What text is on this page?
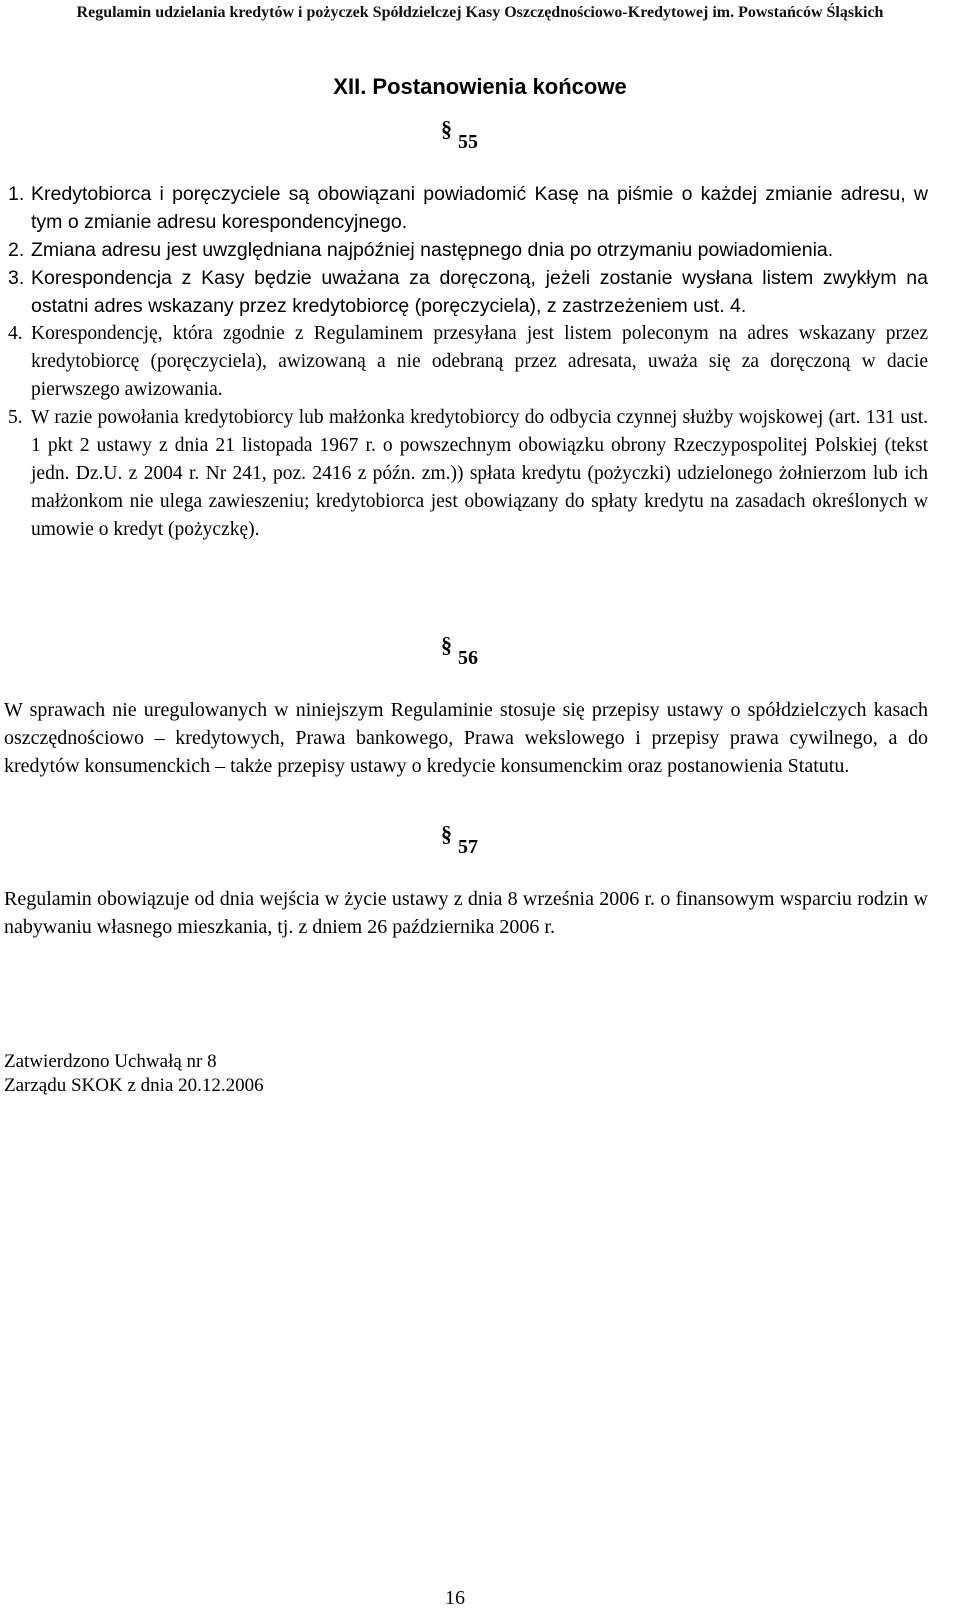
Regulamin udzielania kredytów i pożyczek Spółdzielczej Kasy Oszczędnościowo-Kredytowej im. Powstańców Śląskich
XII. Postanowienia końcowe
§55
1. Kredytobiorca i poręczyciele są obowiązani powiadomić Kasę na piśmie o każdej zmianie adresu, w tym o zmianie adresu korespondencyjnego.
2. Zmiana adresu jest uwzględniana najpóźniej następnego dnia po otrzymaniu powiadomienia.
3. Korespondencja z Kasy będzie uważana za doręczoną, jeżeli zostanie wysłana listem zwykłym na ostatni adres wskazany przez kredytobiorcę (poręczyciela), z zastrzeżeniem ust. 4.
4. Korespondencję, która zgodnie z Regulaminem przesyłana jest listem poleconym na adres wskazany przez kredytobiorcę (poręczyciela), awizowaną a nie odebraną przez adresata, uważa się za doręczoną w dacie pierwszego awizowania.
5. W razie powołania kredytobiorcy lub małżonka kredytobiorcy do odbycia czynnej służby wojskowej (art. 131 ust. 1 pkt 2 ustawy z dnia 21 listopada 1967 r. o powszechnym obowiązku obrony Rzeczypospolitej Polskiej (tekst jedn. Dz.U. z 2004 r. Nr 241, poz. 2416 z późn. zm.)) spłata kredytu (pożyczki) udzielonego żołnierzom lub ich małżonkom nie ulega zawieszeniu; kredytobiorca jest obowiązany do spłaty kredytu na zasadach określonych w umowie o kredyt (pożyczkę).
§56
W sprawach nie uregulowanych w niniejszym Regulaminie stosuje się przepisy ustawy o spółdzielczych kasach oszczędnościowo – kredytowych, Prawa bankowego, Prawa wekslowego i przepisy prawa cywilnego, a do kredytów konsumenckich – także przepisy ustawy o kredycie konsumenckim oraz postanowienia Statutu.
§57
Regulamin obowiązuje od dnia wejścia w życie ustawy z dnia 8 września 2006 r. o finansowym wsparciu rodzin w nabywaniu własnego mieszkania, tj. z dniem 26 października 2006 r.
Zatwierdzono Uchwałą nr 8
Zarządu SKOK z dnia 20.12.2006
16
